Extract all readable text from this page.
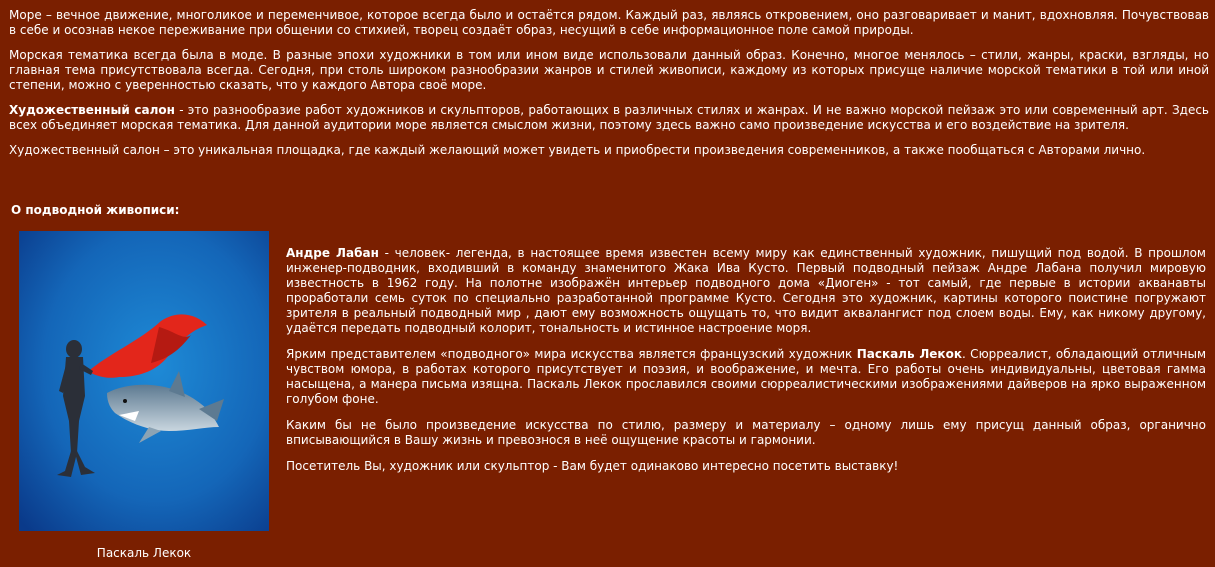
Море – вечное движение, многоликое и переменчивое, которое всегда было и остаётся рядом. Каждый раз, являясь откровением, оно разговаривает и манит, вдохновляя. Почувствовав в себе и осознав некое переживание при общении со стихией, творец создаёт образ, несущий в себе информационное поле самой природы.

Морская тематика всегда была в моде. В разные эпохи художники в том или ином виде использовали данный образ. Конечно, многое менялось – стили, жанры, краски, взгляды, но главная тема присутствовала всегда. Сегодня, при столь широком разнообразии жанров и стилей живописи, каждому из которых присуще наличие морской тематики в той или иной степени, можно с уверенностью сказать, что у каждого Автора своё море.

Художественный салон - это разнообразие работ художников и скульпторов, работающих в различных стилях и жанрах. И не важно морской пейзаж это или современный арт. Здесь всех объединяет морская тематика. Для данной аудитории море является смыслом жизни, поэтому здесь важно само произведение искусства и его воздействие на зрителя.

Художественный салон – это уникальная площадка, где каждый желающий может увидеть и приобрести произведения современников, а также пообщаться с Авторами лично.

О подводной живописи:
Паскаль Лекок

Андре Лабан - человек- легенда, в настоящее время известен всему миру как единственный художник, пишущий под водой. В прошлом инженер-подводник, входивший в команду знаменитого Жака Ива Кусто. Первый подводный пейзаж Андре Лабана получил мировую известность в 1962 году. На полотне изображён интерьер подводного дома «Диоген» - тот самый, где первые в истории акванавты проработали семь суток по специально разработанной программе Кусто. Сегодня это художник, картины которого поистине погружают зрителя в реальный подводный мир , дают ему возможность ощущать то, что видит аквалангист под слоем воды. Ему, как никому другому, удаётся передать подводный колорит, тональность и истинное настроение моря.

Ярким представителем «подводного» мира искусства является французский художник Паскаль Лекок. Сюрреалист, обладающий отличным чувством юмора, в работах которого присутствует и поэзия, и воображение, и мечта. Его работы очень индивидуальны, цветовая гамма насыщена, а манера письма изящна. Паскаль Лекок прославился своими сюрреалистическими изображениями дайверов на ярко выраженном голубом фоне.

Каким бы не было произведение искусства по стилю, размеру и материалу – одному лишь ему присущ данный образ, органично вписывающийся в Вашу жизнь и превознося в неё ощущение красоты и гармонии.

Посетитель Вы, художник или скульптор - Вам будет одинаково интересно посетить выставку!
